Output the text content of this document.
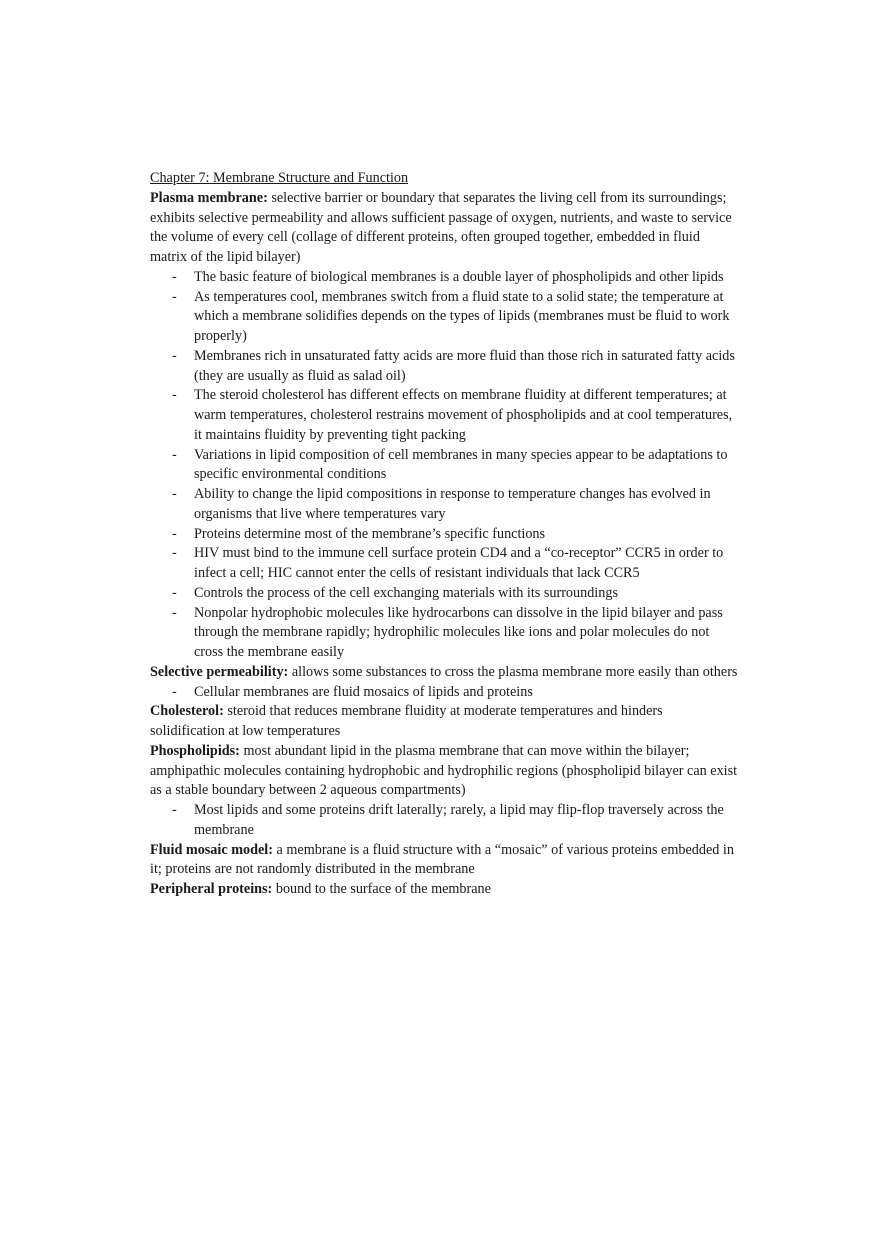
Chapter 7: Membrane Structure and Function

Plasma membrane: selective barrier or boundary that separates the living cell from its surroundings; exhibits selective permeability and allows sufficient passage of oxygen, nutrients, and waste to service the volume of every cell (collage of different proteins, often grouped together, embedded in fluid matrix of the lipid bilayer)

- The basic feature of biological membranes is a double layer of phospholipids and other lipids
- As temperatures cool, membranes switch from a fluid state to a solid state; the temperature at which a membrane solidifies depends on the types of lipids (membranes must be fluid to work properly)
- Membranes rich in unsaturated fatty acids are more fluid than those rich in saturated fatty acids (they are usually as fluid as salad oil)
- The steroid cholesterol has different effects on membrane fluidity at different temperatures; at warm temperatures, cholesterol restrains movement of phospholipids and at cool temperatures, it maintains fluidity by preventing tight packing
- Variations in lipid composition of cell membranes in many species appear to be adaptations to specific environmental conditions
- Ability to change the lipid compositions in response to temperature changes has evolved in organisms that live where temperatures vary
- Proteins determine most of the membrane’s specific functions
- HIV must bind to the immune cell surface protein CD4 and a “co-receptor” CCR5 in order to infect a cell; HIC cannot enter the cells of resistant individuals that lack CCR5
- Controls the process of the cell exchanging materials with its surroundings
- Nonpolar hydrophobic molecules like hydrocarbons can dissolve in the lipid bilayer and pass through the membrane rapidly; hydrophilic molecules like ions and polar molecules do not cross the membrane easily

Selective permeability: allows some substances to cross the plasma membrane more easily than others

- Cellular membranes are fluid mosaics of lipids and proteins

Cholesterol: steroid that reduces membrane fluidity at moderate temperatures and hinders solidification at low temperatures

Phospholipids: most abundant lipid in the plasma membrane that can move within the bilayer; amphipathic molecules containing hydrophobic and hydrophilic regions (phospholipid bilayer can exist as a stable boundary between 2 aqueous compartments)

- Most lipids and some proteins drift laterally; rarely, a lipid may flip-flop traversely across the membrane

Fluid mosaic model: a membrane is a fluid structure with a “mosaic” of various proteins embedded in it; proteins are not randomly distributed in the membrane

Peripheral proteins: bound to the surface of the membrane
